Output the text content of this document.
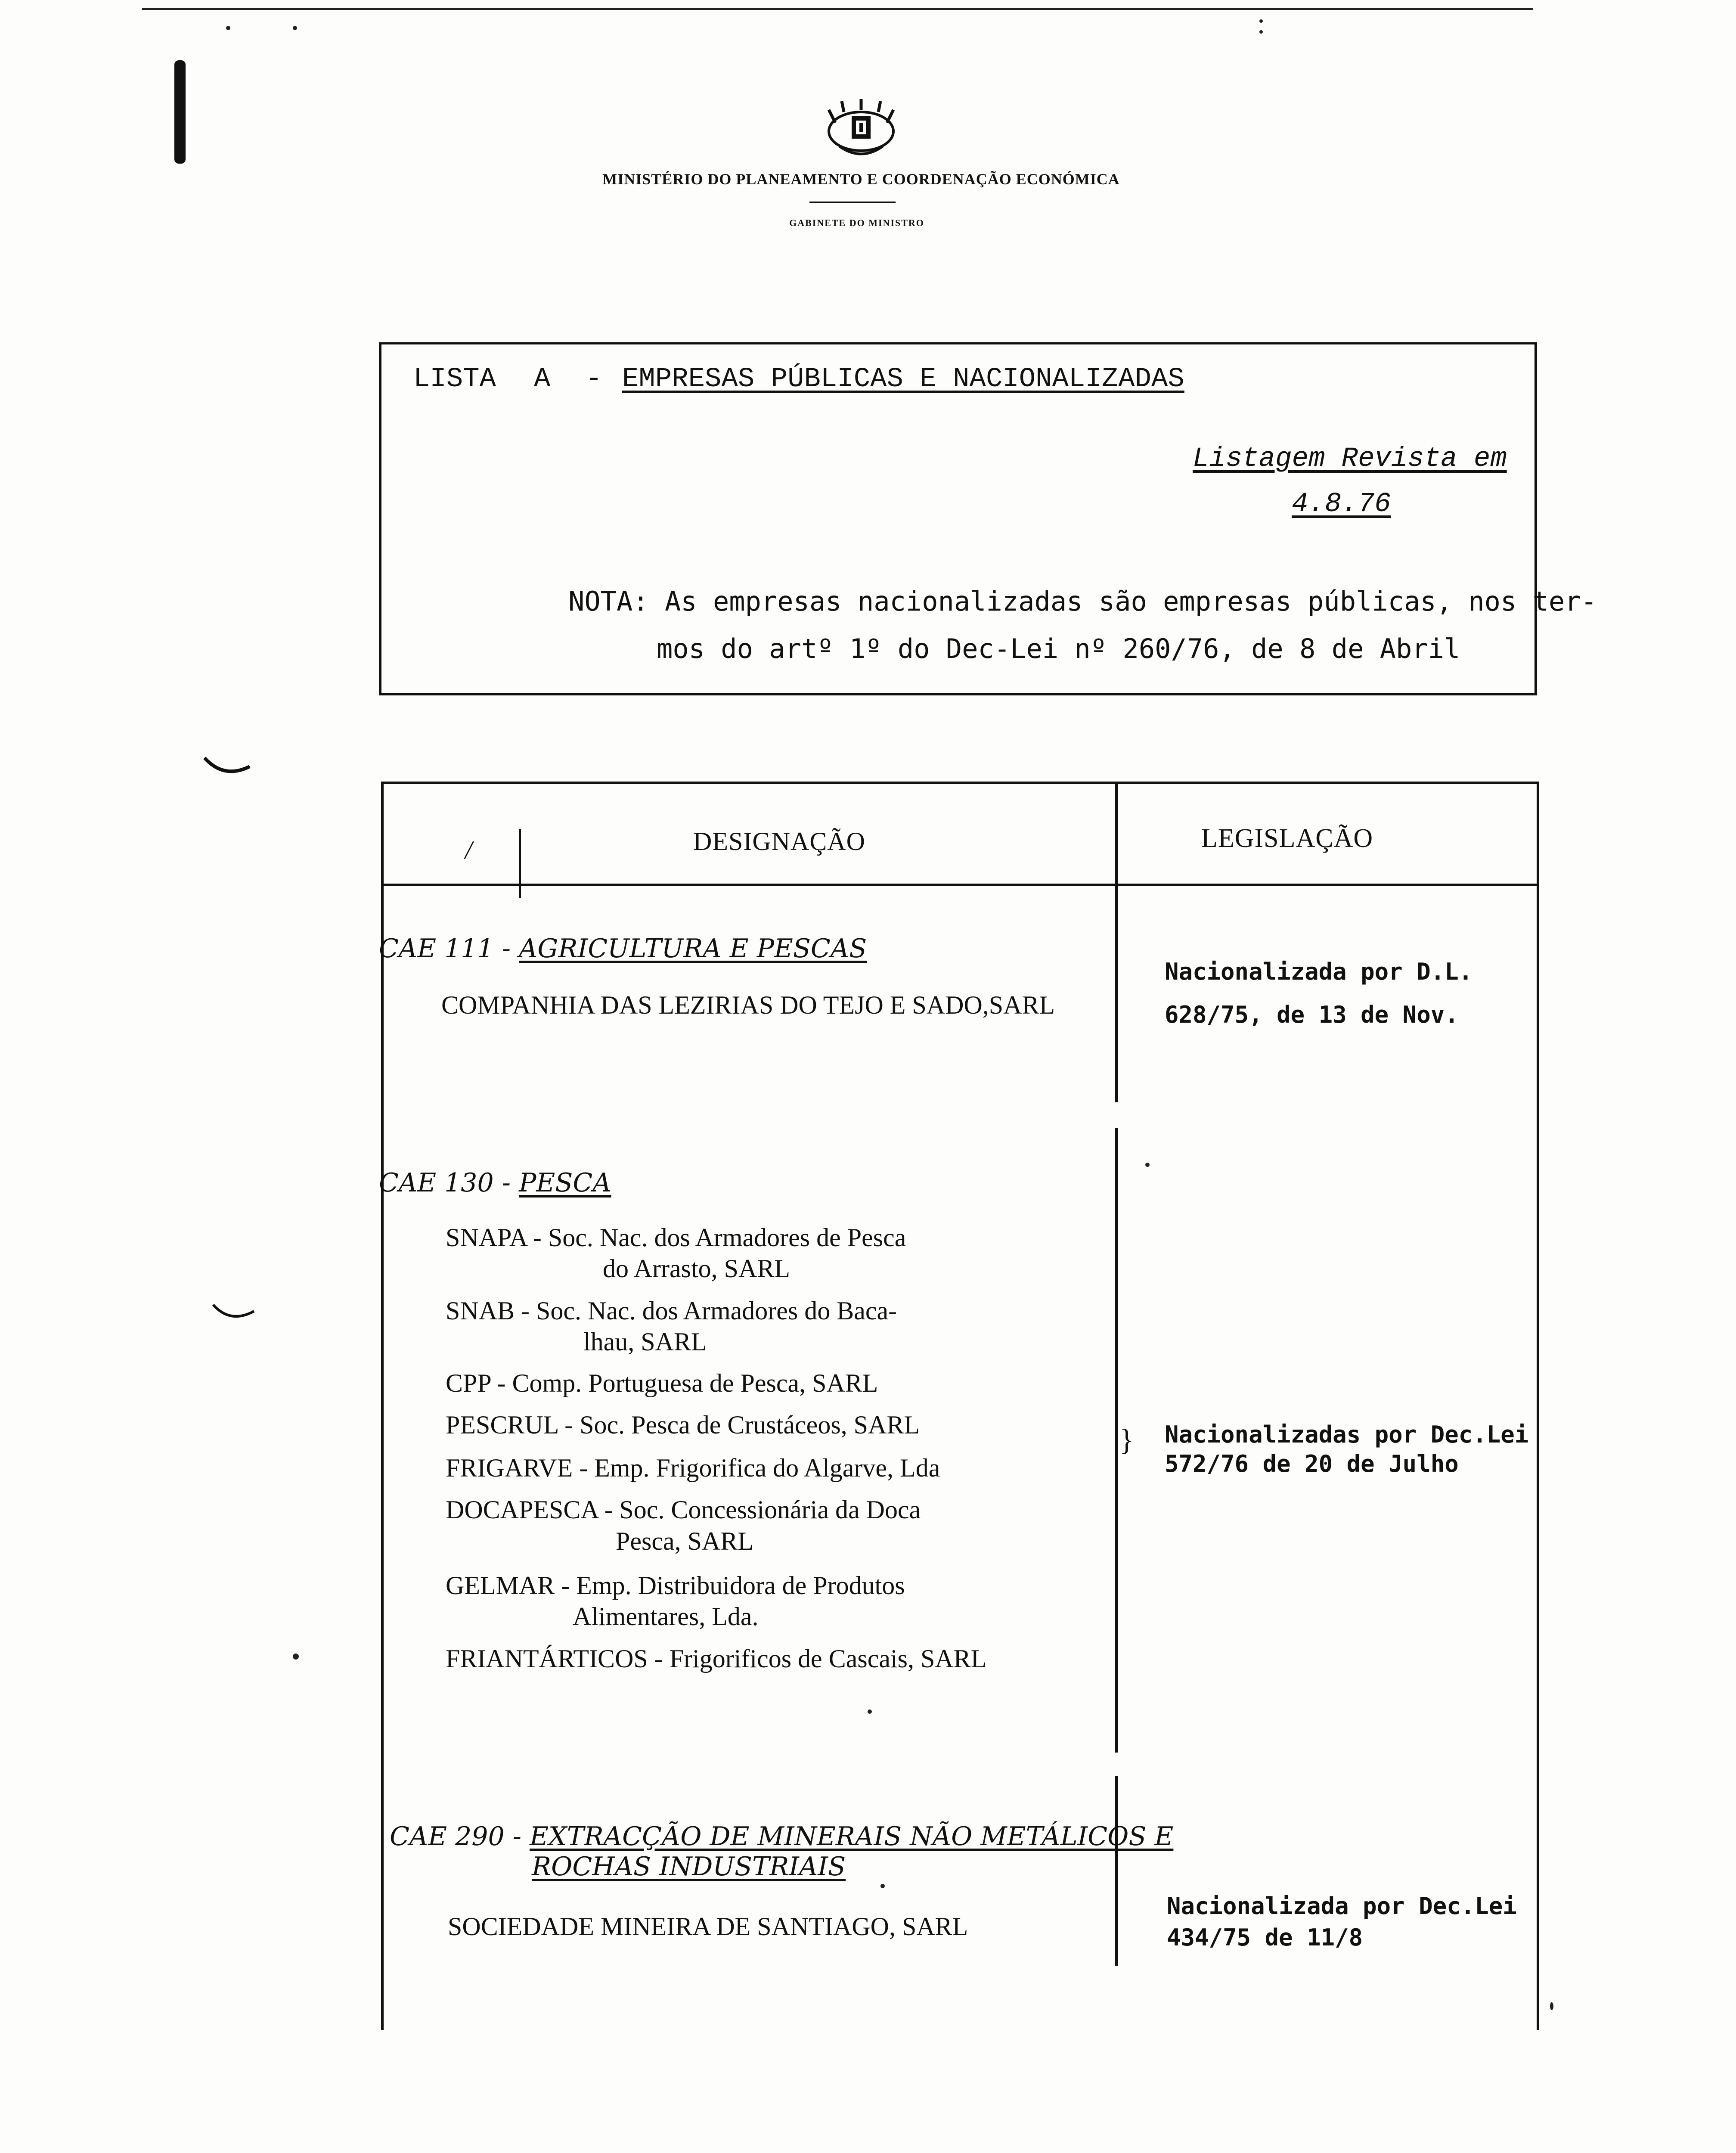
MINISTÉRIO DO PLANEAMENTO E COORDENAÇÃO ECONÓMICA
GABINETE DO MINISTRO
LISTA A - EMPRESAS PÚBLICAS E NACIONALIZADAS
Listagem Revista em
4.8.76
NOTA: As empresas nacionalizadas são empresas públicas, nos ter-
mos do artº 1º do Dec-Lei nº 260/76, de 8 de Abril
/	DESIGNAÇÃO	LEGISLAÇÃO
CAE 111 - AGRICULTURA E PESCAS
COMPANHIA DAS LEZIRIAS DO TEJO E SADO,SARL
Nacionalizada por D.L.
628/75, de 13 de Nov.
CAE 130 - PESCA
SNAPA - Soc. Nac. dos Armadores de Pesca
do Arrasto, SARL
SNAB - Soc. Nac. dos Armadores do Baca-
lhau, SARL
CPP - Comp. Portuguesa de Pesca, SARL
PESCRUL - Soc. Pesca de Crustáceos, SARL
FRIGARVE - Emp. Frigorifica do Algarve, Lda
DOCAPESCA - Soc. Concessionária da Doca
Pesca, SARL
GELMAR - Emp. Distribuidora de Produtos
Alimentares, Lda.
FRIANTÁRTICOS - Frigorificos de Cascais, SARL
} Nacionalizadas por Dec.Lei
572/76 de 20 de Julho
CAE 290 - EXTRACÇÃO DE MINERAIS NÃO METÁLICOS E
ROCHAS INDUSTRIAIS
SOCIEDADE MINEIRA DE SANTIAGO, SARL
Nacionalizada por Dec.Lei
434/75 de 11/8
